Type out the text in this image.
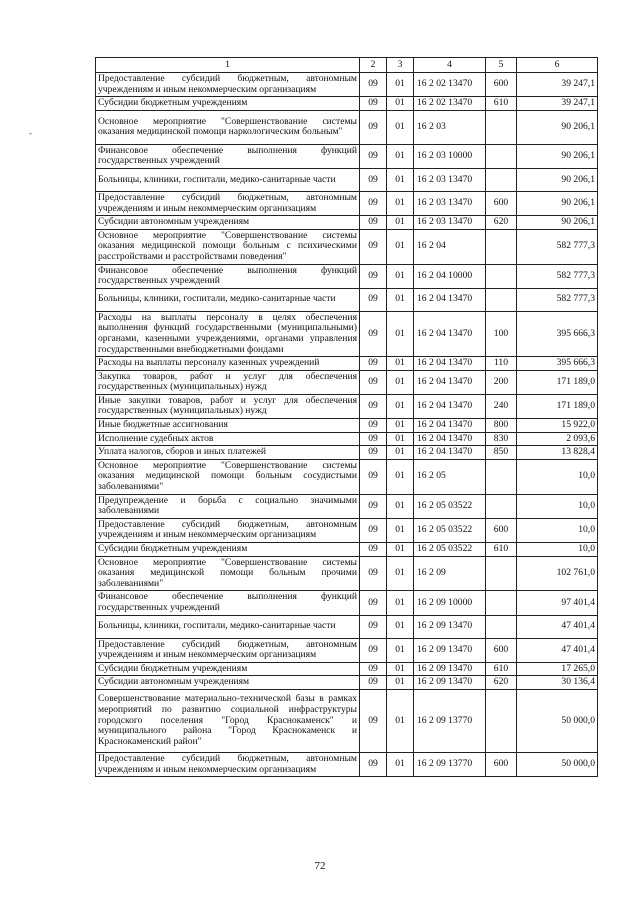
-
1	2	3	4	5	6
Предоставление субсидий бюджетным, автономным учреждениям и иным некоммерческим организациям	09	01	16 2 02 13470	600	39 247,1
Субсидии бюджетным учреждениям	09	01	16 2 02 13470	610	39 247,1
Основное мероприятие "Совершенствование системы оказания медицинской помощи наркологическим больным"	09	01	16 2 03		90 206,1
Финансовое обеспечение выполнения функций государственных учреждений	09	01	16 2 03 10000		90 206,1
Больницы, клиники, госпитали, медико-санитарные части	09	01	16 2 03 13470		90 206,1
Предоставление субсидий бюджетным, автономным учреждениям и иным некоммерческим организациям	09	01	16 2 03 13470	600	90 206,1
Субсидии автономным учреждениям	09	01	16 2 03 13470	620	90 206,1
Основное мероприятие "Совершенствование системы оказания медицинской помощи больным с психическими расстройствами и расстройствами поведения"	09	01	16 2 04		582 777,3
Финансовое обеспечение выполнения функций государственных учреждений	09	01	16 2 04 10000		582 777,3
Больницы, клиники, госпитали, медико-санитарные части	09	01	16 2 04 13470		582 777,3
Расходы на выплаты персоналу в целях обеспечения выполнения функций государственными (муниципальными) органами, казенными учреждениями, органами управления государственными внебюджетными фондами	09	01	16 2 04 13470	100	395 666,3
Расходы на выплаты персоналу казенных учреждений	09	01	16 2 04 13470	110	395 666,3
Закупка товаров, работ и услуг для обеспечения государственных (муниципальных) нужд	09	01	16 2 04 13470	200	171 189,0
Иные закупки товаров, работ и услуг для обеспечения государственных (муниципальных) нужд	09	01	16 2 04 13470	240	171 189,0
Иные бюджетные ассигнования	09	01	16 2 04 13470	800	15 922,0
Исполнение судебных актов	09	01	16 2 04 13470	830	2 093,6
Уплата налогов, сборов и иных платежей	09	01	16 2 04 13470	850	13 828,4
Основное мероприятие "Совершенствование системы оказания медицинской помощи больным сосудистыми заболеваниями"	09	01	16 2 05		10,0
Предупреждение и борьба с социально значимыми заболеваниями	09	01	16 2 05 03522		10,0
Предоставление субсидий бюджетным, автономным учреждениям и иным некоммерческим организациям	09	01	16 2 05 03522	600	10,0
Субсидии бюджетным учреждениям	09	01	16 2 05 03522	610	10,0
Основное мероприятие "Совершенствование системы оказания медицинской помощи больным прочими заболеваниями"	09	01	16 2 09		102 761,0
Финансовое обеспечение выполнения функций государственных учреждений	09	01	16 2 09 10000		97 401,4
Больницы, клиники, госпитали, медико-санитарные части	09	01	16 2 09 13470		47 401,4
Предоставление субсидий бюджетным, автономным учреждениям и иным некоммерческим организациям	09	01	16 2 09 13470	600	47 401,4
Субсидии бюджетным учреждениям	09	01	16 2 09 13470	610	17 265,0
Субсидии автономным учреждениям	09	01	16 2 09 13470	620	30 136,4
Совершенствование материально-технической базы в рамках мероприятий по развитию социальной инфраструктуры городского поселения "Город Краснокаменск" и муниципального района "Город Краснокаменск и Краснокаменский район"	09	01	16 2 09 13770		50 000,0
Предоставление субсидий бюджетным, автономным учреждениям и иным некоммерческим организациям	09	01	16 2 09 13770	600	50 000,0
72
